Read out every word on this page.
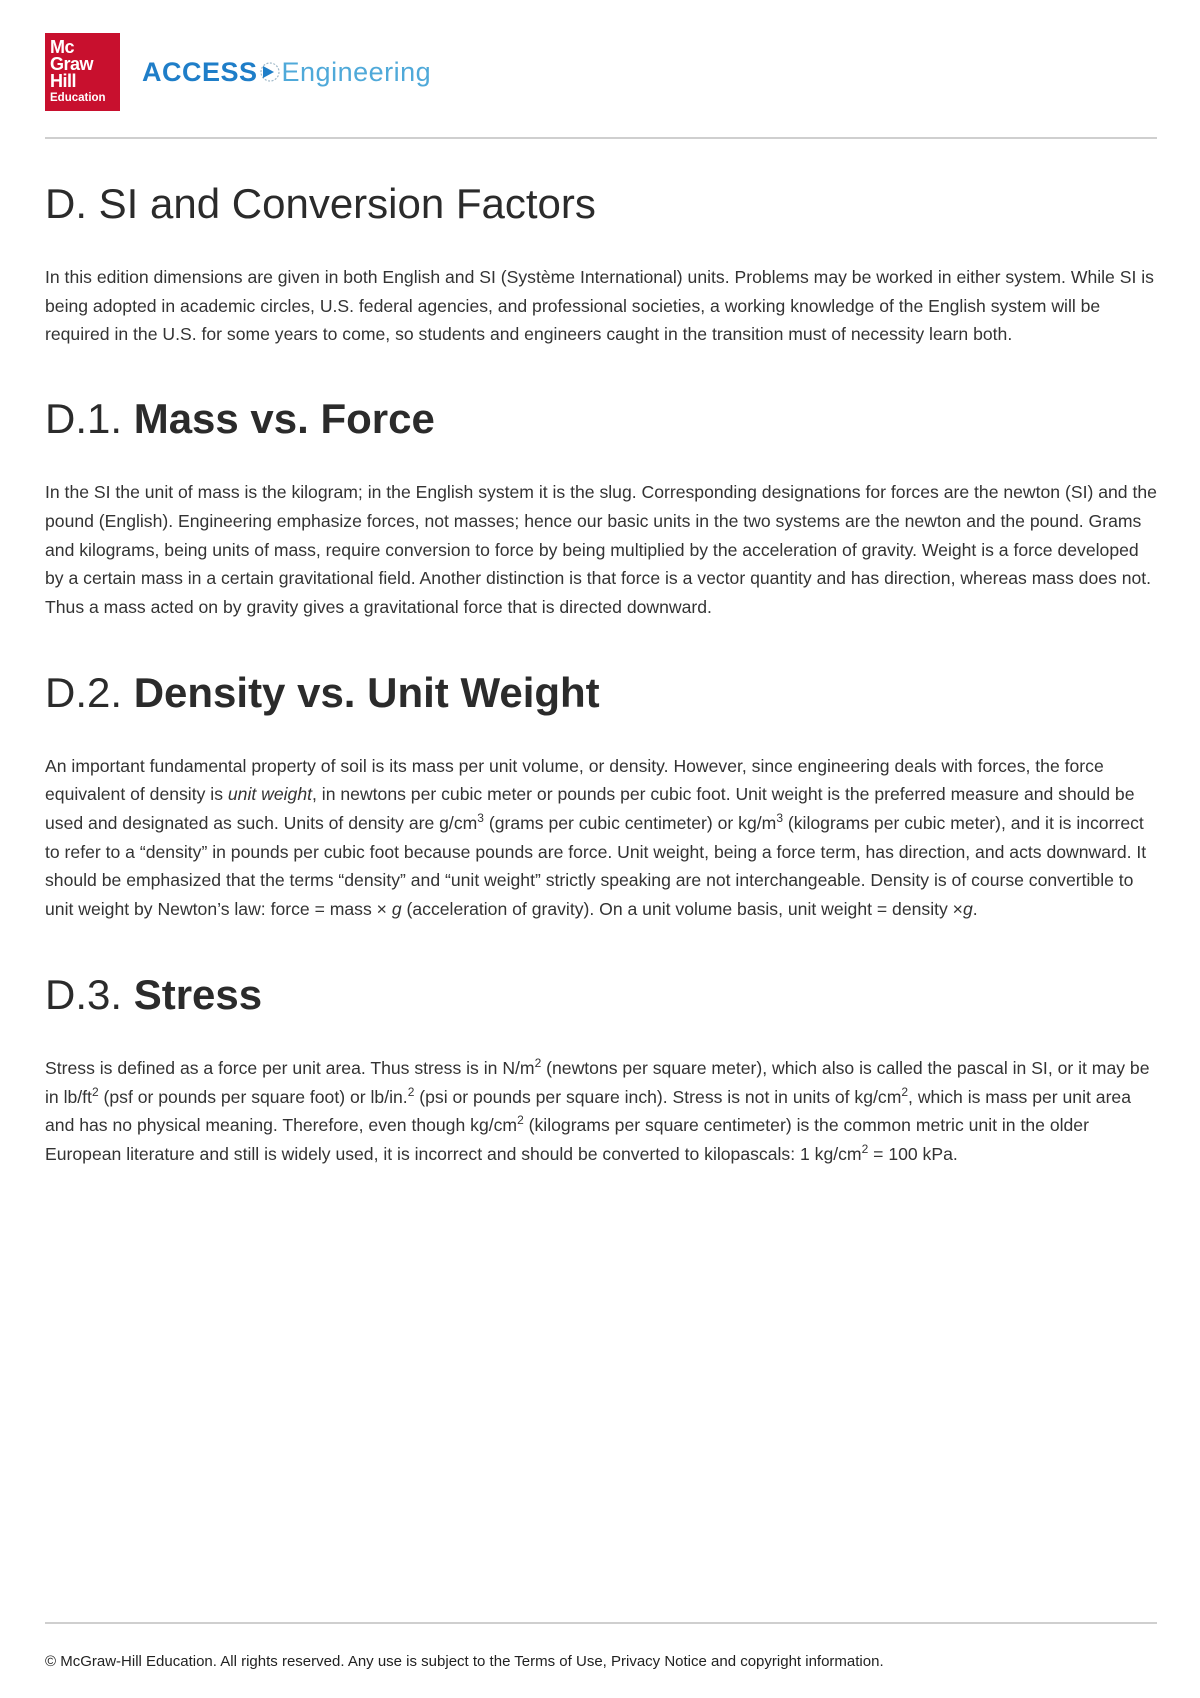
Mc
Graw
Hill
Education
ACCESS Engineering
D. SI and Conversion Factors

In this edition dimensions are given in both English and SI (Système International) units. Problems may be worked in either system. While SI is being adopted in academic circles, U.S. federal agencies, and professional societies, a working knowledge of the English system will be required in the U.S. for some years to come, so students and engineers caught in the transition must of necessity learn both.

D.1. Mass vs. Force

In the SI the unit of mass is the kilogram; in the English system it is the slug. Corresponding designations for forces are the newton (SI) and the pound (English). Engineering emphasize forces, not masses; hence our basic units in the two systems are the newton and the pound. Grams and kilograms, being units of mass, require conversion to force by being multiplied by the acceleration of gravity. Weight is a force developed by a certain mass in a certain gravitational field. Another distinction is that force is a vector quantity and has direction, whereas mass does not. Thus a mass acted on by gravity gives a gravitational force that is directed downward.

D.2. Density vs. Unit Weight

An important fundamental property of soil is its mass per unit volume, or density. However, since engineering deals with forces, the force equivalent of density is unit weight, in newtons per cubic meter or pounds per cubic foot. Unit weight is the preferred measure and should be used and designated as such. Units of density are $g/cm^3$ (grams per cubic centimeter) or $kg/m^3$ (kilograms per cubic meter), and it is incorrect to refer to a “density” in pounds per cubic foot because pounds are force. Unit weight, being a force term, has direction, and acts downward. It should be emphasized that the terms “density” and “unit weight” strictly speaking are not interchangeable. Density is of course convertible to unit weight by Newton’s law: force = mass × g (acceleration of gravity). On a unit volume basis, unit weight = density ×g.

D.3. Stress

Stress is defined as a force per unit area. Thus stress is in $N/m^2$ (newtons per square meter), which also is called the pascal in SI, or it may be in $lb/ft^2$ (psf or pounds per square foot) or lb/in.$^2$ (psi or pounds per square inch). Stress is not in units of $kg/cm^2$, which is mass per unit area and has no physical meaning. Therefore, even though $kg/cm^2$ (kilograms per square centimeter) is the common metric unit in the older European literature and still is widely used, it is incorrect and should be converted to kilopascals: 1 $kg/cm^2 = 100$ kPa.

© McGraw-Hill Education. All rights reserved. Any use is subject to the Terms of Use, Privacy Notice and copyright information.
